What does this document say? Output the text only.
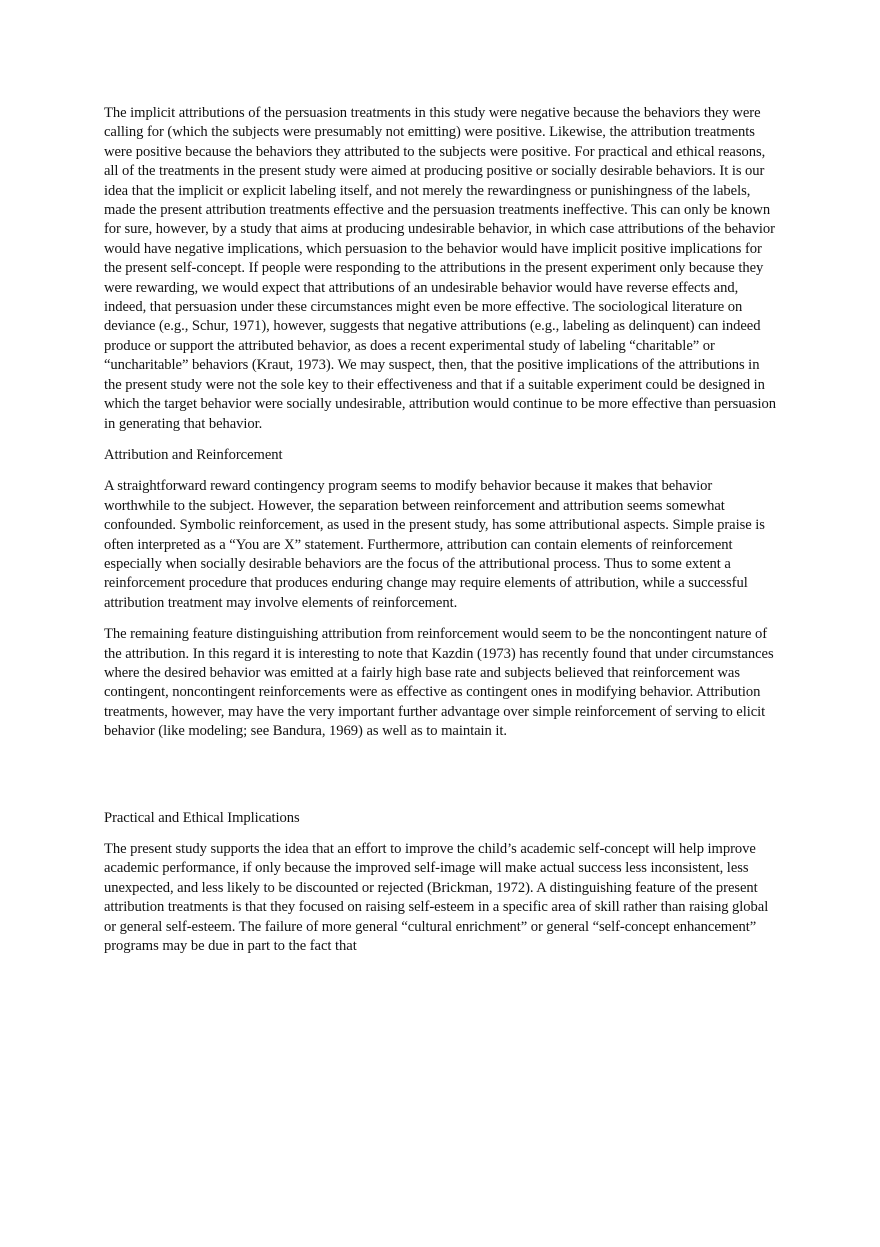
The implicit attributions of the persuasion treatments in this study were negative because the behaviors they were calling for (which the subjects were presumably not emitting) were positive. Likewise, the attribution treatments were positive because the behaviors they attributed to the subjects were positive. For practical and ethical reasons, all of the treatments in the present study were aimed at producing positive or socially desirable behaviors. It is our idea that the implicit or explicit labeling itself, and not merely the rewardingness or punishingness of the labels, made the present attribution treatments effective and the persuasion treatments ineffective. This can only be known for sure, however, by a study that aims at producing undesirable behavior, in which case attributions of the behavior would have negative implications, which persuasion to the behavior would have implicit positive implications for the present self-concept. If people were responding to the attributions in the present experiment only because they were rewarding, we would expect that attributions of an undesirable behavior would have reverse effects and, indeed, that persuasion under these circumstances might even be more effective. The sociological literature on deviance (e.g., Schur, 1971), however, suggests that negative attributions (e.g., labeling as delinquent) can indeed produce or support the attributed behavior, as does a recent experimental study of labeling “charitable” or “uncharitable” behaviors (Kraut, 1973). We may suspect, then, that the positive implications of the attributions in the present study were not the sole key to their effectiveness and that if a suitable experiment could be designed in which the target behavior were socially undesirable, attribution would continue to be more effective than persuasion in generating that behavior.

Attribution and Reinforcement

A straightforward reward contingency program seems to modify behavior because it makes that behavior worthwhile to the subject. However, the separation between reinforcement and attribution seems somewhat confounded. Symbolic reinforcement, as used in the present study, has some attributional aspects. Simple praise is often interpreted as a “You are X” statement. Furthermore, attribution can contain elements of reinforcement especially when socially desirable behaviors are the focus of the attributional process. Thus to some extent a reinforcement procedure that produces enduring change may require elements of attribution, while a successful attribution treatment may involve elements of reinforcement.

The remaining feature distinguishing attribution from reinforcement would seem to be the noncontingent nature of the attribution. In this regard it is interesting to note that Kazdin (1973) has recently found that under circumstances where the desired behavior was emitted at a fairly high base rate and subjects believed that reinforcement was contingent, noncontingent reinforcements were as effective as contingent ones in modifying behavior. Attribution treatments, however, may have the very important further advantage over simple reinforcement of serving to elicit behavior (like modeling; see Bandura, 1969) as well as to maintain it.

Practical and Ethical Implications

The present study supports the idea that an effort to improve the child’s academic self-concept will help improve academic performance, if only because the improved self-image will make actual success less inconsistent, less unexpected, and less likely to be discounted or rejected (Brickman, 1972). A distinguishing feature of the present attribution treatments is that they focused on raising self-esteem in a specific area of skill rather than raising global or general self-esteem. The failure of more general “cultural enrichment” or general “self-concept enhancement” programs may be due in part to the fact that
